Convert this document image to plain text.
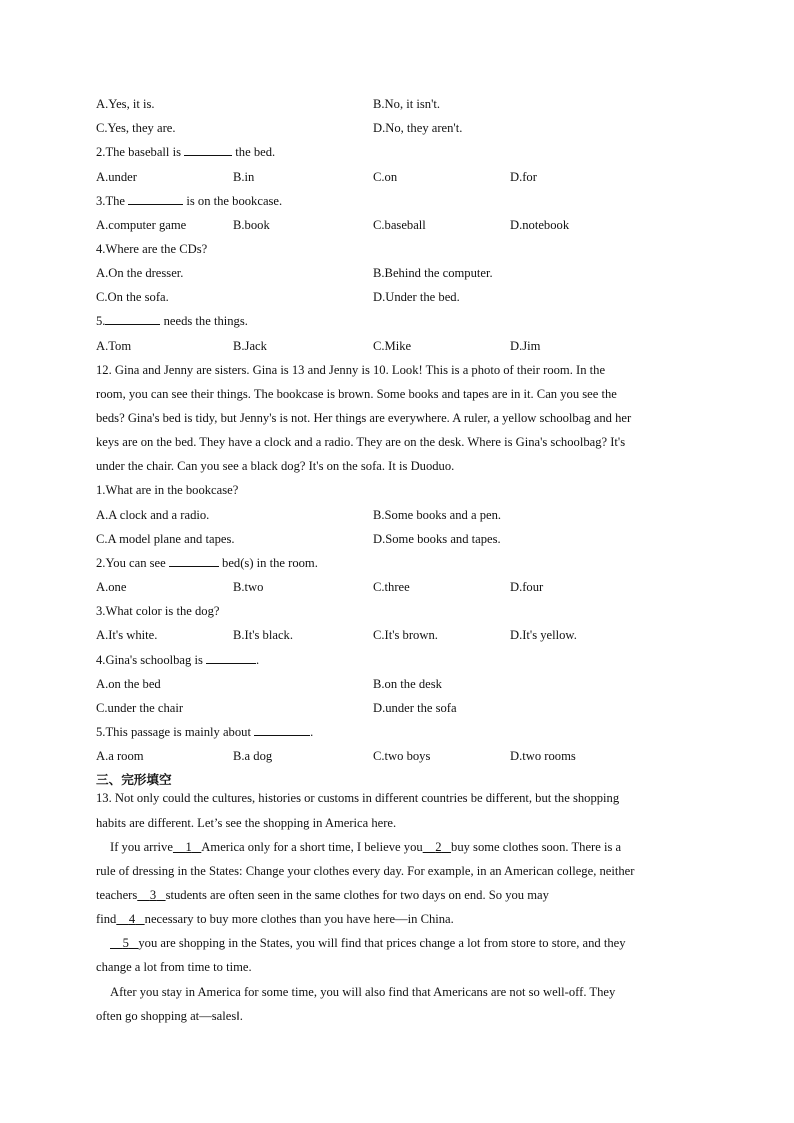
A.Yes, it is.	B.No, it isn't.
C.Yes, they are.	D.No, they aren't.
2.The baseball is	the bed.
A.under	B.in	C.on	D.for
3.The	is on the bookcase.
A.computer game	B.book	C.baseball	D.notebook
4.Where are the CDs?
A.On the dresser.	B.Behind the computer.
C.On the sofa.	D.Under the bed.
5.	needs the things.
A.Tom	B.Jack	C.Mike	D.Jim
12. Gina and Jenny are sisters. Gina is 13 and Jenny is 10. Look! This is a photo of their room. In the
room, you can see their things. The bookcase is brown. Some books and tapes are in it. Can you see the
beds? Gina's bed is tidy, but Jenny's is not. Her things are everywhere. A ruler, a yellow schoolbag and her
keys are on the bed. They have a clock and a radio. They are on the desk. Where is Gina's schoolbag? It's
under the chair. Can you see a black dog? It's on the sofa. It is Duoduo.
1.What are in the bookcase?
A.A clock and a radio.	B.Some books and a pen.
C.A model plane and tapes.	D.Some books and tapes.
2.You can see	bed(s) in the room.
A.one	B.two	C.three	D.four
3.What color is the dog?
A.It's white.	B.It's black.	C.It's brown.	D.It's yellow.
4.Gina's schoolbag is	.
A.on the bed	B.on the desk
C.under the chair	D.under the sofa
5.This passage is mainly about	.
A.a room	B.a dog	C.two boys	D.two rooms
三、完形填空
13. Not only could the cultures, histories or customs in different countries be different, but the shopping
habits are different. Let’s see the shopping in America here.
If you arrive 1 America only for a short time, I believe you 2 buy some clothes soon. There is a
rule of dressing in the States: Change your clothes every day. For example, in an American college, neither
teachers 3 students are often seen in the same clothes for two days on end. So you may
find 4 necessary to buy more clothes than you have here—in China.
5 you are shopping in the States, you will find that prices change a lot from store to store, and they
change a lot from time to time.
After you stay in America for some time, you will also find that Americans are not so well-off. They
often go shopping at—sales‖.
